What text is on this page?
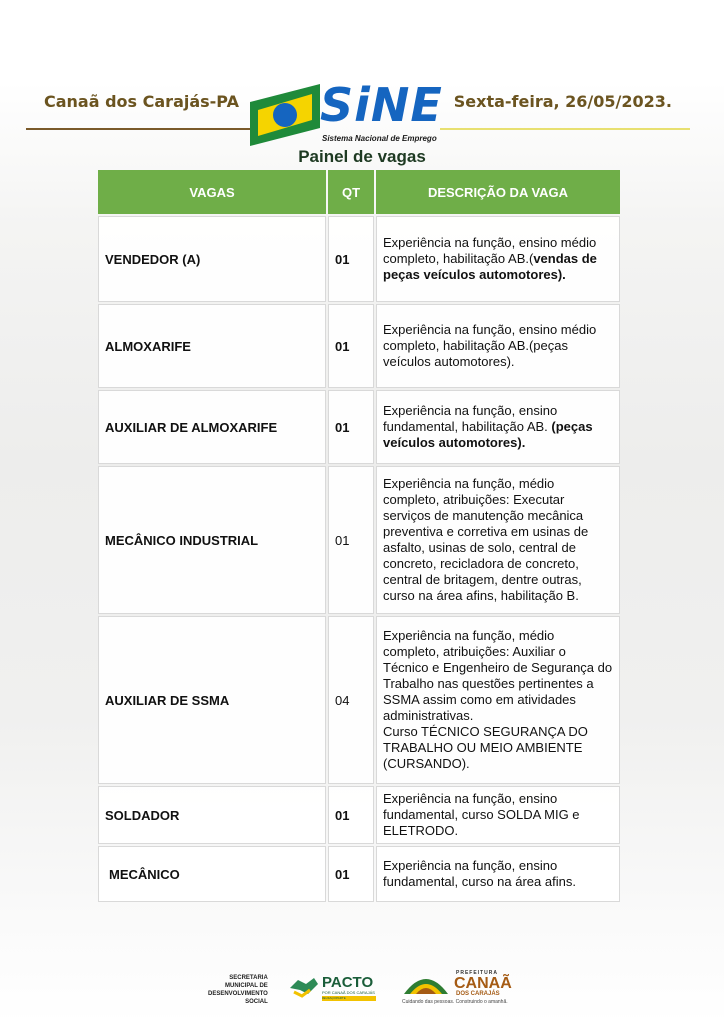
Canaã dos Carajás-PA	Sexta-feira, 26/05/2023.
SiNE
Sistema Nacional de Emprego
Painel de vagas
VAGAS	QT	DESCRIÇÃO DA VAGA
VENDEDOR (A)	01	Experiência na função, ensino médio completo, habilitação AB.(vendas de peças veículos automotores).
ALMOXARIFE	01	Experiência na função, ensino médio completo, habilitação AB.(peças veículos automotores).
AUXILIAR DE ALMOXARIFE	01	Experiência na função, ensino fundamental, habilitação AB. (peças veículos automotores).
MECÂNICO INDUSTRIAL	01	Experiência na função, médio completo, atribuições: Executar serviços de manutenção mecânica preventiva e corretiva em usinas de asfalto, usinas de solo, central de concreto, recicladora de concreto, central de britagem, dentre outras, curso na área afins, habilitação B.
AUXILIAR DE SSMA	04	Experiência na função, médio completo, atribuições: Auxiliar o Técnico e Engenheiro de Segurança do Trabalho nas questões pertinentes a SSMA assim como em atividades administrativas.
Curso TÉCNICO SEGURANÇA DO TRABALHO OU MEIO AMBIENTE (CURSANDO).

SOLDADOR	01	Experiência na função, ensino fundamental, curso SOLDA MIG e ELETRODO.
MECÂNICO	01	Experiência na função, ensino fundamental, curso na área afins.
SECRETARIA
MUNICIPAL DE
DESENVOLVIMENTO
SOCIAL
PACTO
POR CANAÃ DOS CARAJÁS
#EUFAÇOPARTE
PREFEITURA
CANAÃ
DOS CARAJÁS
Cuidando das pessoas. Construindo o amanhã.
